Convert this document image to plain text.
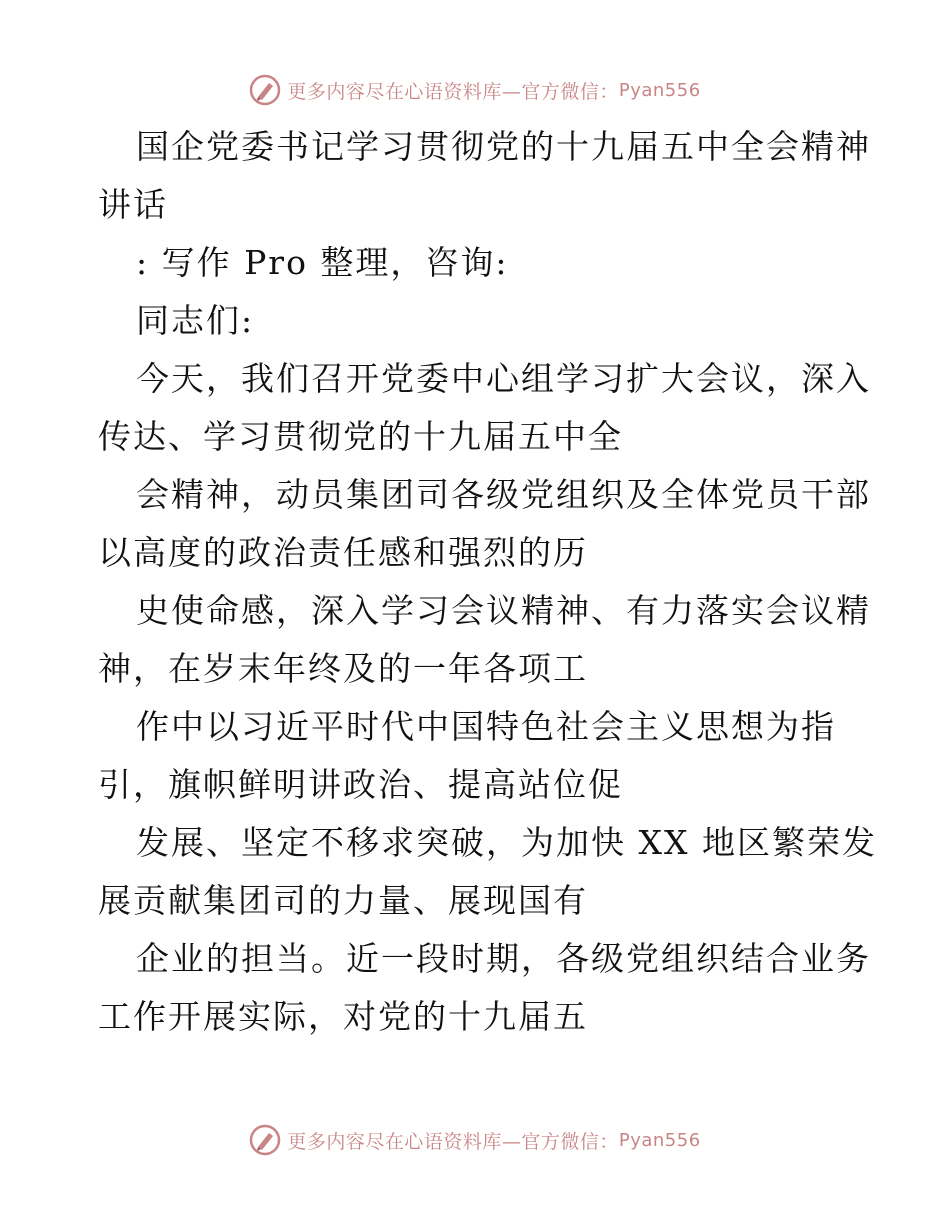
更多内容尽在心语资料库—官方微信： Pyan556

国企党委书记学习贯彻党的十九届五中全会精神
讲话

: 写作 Pro 整理，咨询:

同志们:

今天，我们召开党委中心组学习扩大会议，深入
传达、学习贯彻党的十九届五中全

会精神，动员集团司各级党组织及全体党员干部
以高度的政治责任感和强烈的历

史使命感，深入学习会议精神、有力落实会议精
神，在岁末年终及的一年各项工

作中以习近平时代中国特色社会主义思想为指
引，旗帜鲜明讲政治、提高站位促

发展、坚定不移求突破，为加快 XX 地区繁荣发
展贡献集团司的力量、展现国有

企业的担当。近一段时期，各级党组织结合业务
工作开展实际，对党的十九届五

更多内容尽在心语资料库—官方微信： Pyan556
